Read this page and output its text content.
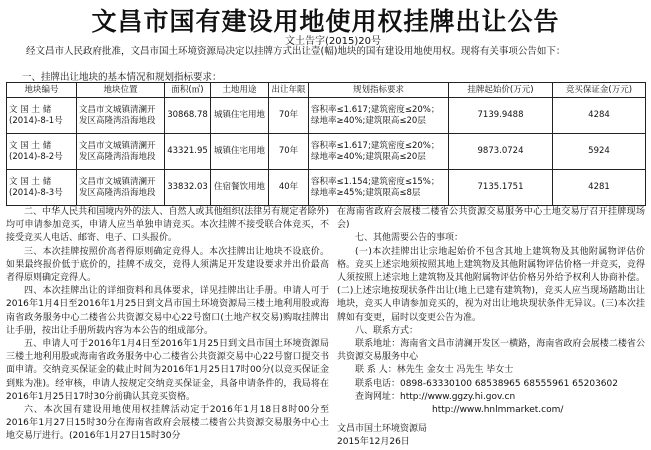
文昌市国有建设用地使用权挂牌出让公告
文土告字(2015)20号

经文昌市人民政府批准，文昌市国土环境资源局决定以挂牌方式出让壹(幅)地块的国有建设用地使用权。现将有关事项公告如下：

一、挂牌出让地块的基本情况和规划指标要求：
地块编号	地块位置	面积(㎡)	土地用途	出让年限	规划指标要求	挂牌起始价(万元)	竞买保证金(万元)
文 国 土 储 (2014)-8-1号	文昌市文城镇清澜开发区高隆湾沿海地段	30868.78	城镇住宅用地	70年	容积率≤1.617;建筑密度≤20%；绿地率≥40%;建筑限高≤20层	7139.9488	4284
文 国 土 储 (2014)-8-2号	文昌市文城镇清澜开发区高隆湾沿海地段	43321.95	城镇住宅用地	70年	容积率≤1.617;建筑密度≤20%；绿地率≥40%;建筑限高≤20层	9873.0724	5924
文 国 土 储 (2014)-8-3号	文昌市文城镇清澜开发区高隆湾沿海地段	33832.03	住宿餐饮用地	40年	容积率≤1.154;建筑密度≤15%；绿地率≥45%;建筑限高≤8层	7135.1751	4281

二、中华人民共和国境内外的法人、自然人或其他组织(法律另有规定者除外)均可申请参加竞买，申请人应当单独申请竞买。本次挂牌不接受联合体竞买，不接受竞买人电话、邮寄、电子、口头报价。

三、本次挂牌按照价高者得原则确定竞得人。本次挂牌出让地块不设底价。如果最终报价低于底价的，挂牌不成交，竞得人须满足开发建设要求并出价最高者得原则确定竞得人。

四、本次挂牌出让的详细资料和具体要求，详见挂牌出让手册。申请人可于2016年1月4日至2016年1月25日到文昌市国土环境资源局三楼土地利用股或海南省政务服务中心二楼省公共资源交易中心22号窗口(土地产权交易)购取挂牌出让手册，按出让手册所载内容为本公告的组成部分。

五、申请人可于2016年1月4日至2016年1月25日到文昌市国土环境资源局三楼土地利用股或海南省政务服务中心二楼省公共资源交易中心22号窗口提交书面申请。交纳竞买保证金的截止时间为2016年1月25日17时00分(以竞买保证金到账为准)。经审核，申请人按规定交纳竞买保证金，具备申请条件的，我局将在2016年1月25日17时30分前确认其竞买资格。

六、本次国有建设用地使用权挂牌活动定于2016年1月18日8时00分至2016年1月27日15时30分在海南省政府会展楼二楼省公共资源交易服务中心土地交易厅进行。(2016年1月27日15时30分

在海南省政府会展楼二楼省公共资源交易服务中心土地交易厅召开挂牌现场会)

七、其他需要公告的事项：

(一)本次挂牌出让宗地起始价不包含其地上建筑物及其他附属物评估价格。竞买上述宗地须按照其地上建筑物及其他附属物评估价格一并竞买，竞得人须按照上述宗地上建筑物及其他附属物评估价格另外给予权利人协商补偿。(二)上述宗地按现状条件出让(地上已建有建筑物)，竞买人应当现场踏勘出让地块，竞买人申请参加竞买的，视为对出让地块现状条件无异议。(三)本次挂牌如有变更，届时以变更公告为准。

八、联系方式：

联系地址：海南省文昌市清澜开发区一横路，海南省政府会展楼二楼省公共资源交易服务中心

联 系 人：林先生 金女士 冯先生 毕女士

联系电话：0898-63330100 68538965 68555961 65203602

查询网址：http://www.ggzy.hi.gov.cn

http://www.hnlmmarket.com/

文昌市国土环境资源局

2015年12月26日
